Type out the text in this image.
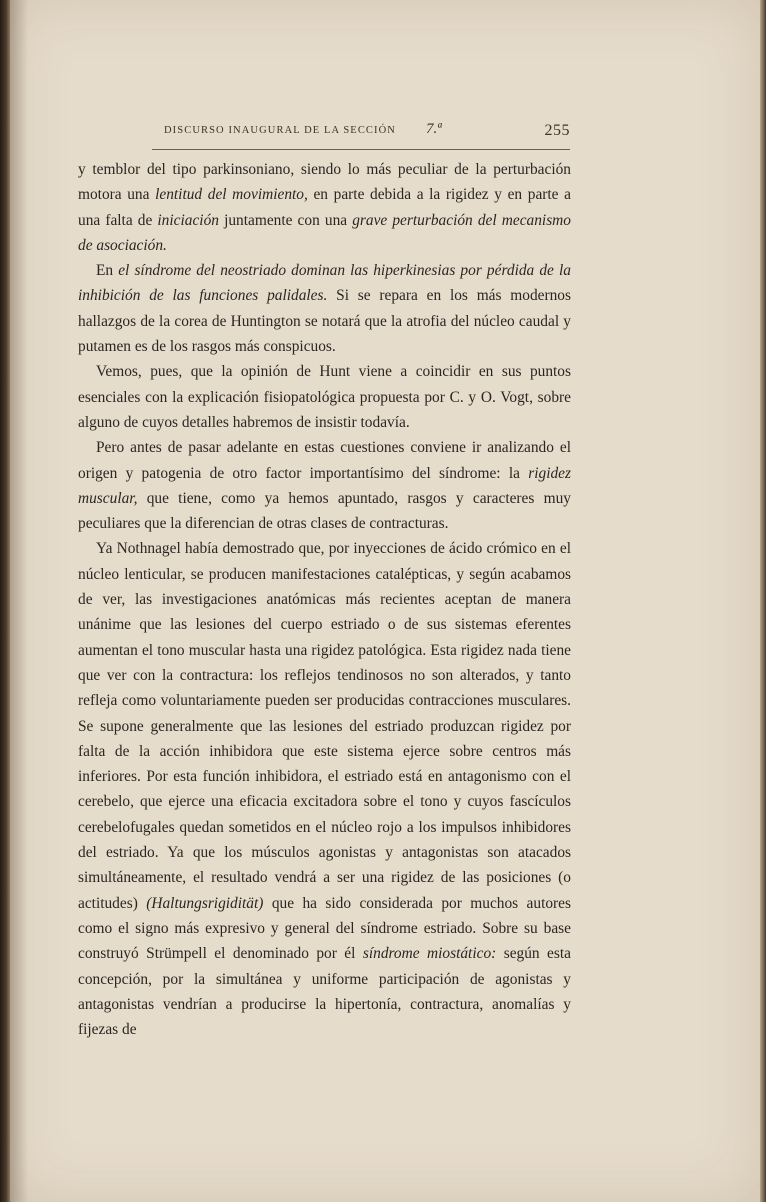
DISCURSO INAUGURAL DE LA SECCIÓN 7.ª	255

y temblor del tipo parkinsoniano, siendo lo más peculiar de la perturbación motora una lentitud del movimiento, en parte debida a la rigidez y en parte a una falta de iniciación juntamente con una grave perturbación del mecanismo de asociación.

En el síndrome del neostriado dominan las hiperkinesias por pérdida de la inhibición de las funciones palidales. Si se repara en los más modernos hallazgos de la corea de Huntington se notará que la atrofia del núcleo caudal y putamen es de los rasgos más conspicuos.

Vemos, pues, que la opinión de Hunt viene a coincidir en sus puntos esenciales con la explicación fisiopatológica propuesta por C. y O. Vogt, sobre alguno de cuyos detalles habremos de insistir todavía.

Pero antes de pasar adelante en estas cuestiones conviene ir analizando el origen y patogenia de otro factor importantísimo del síndrome: la rigidez muscular, que tiene, como ya hemos apuntado, rasgos y caracteres muy peculiares que la diferencian de otras clases de contracturas.

Ya Nothnagel había demostrado que, por inyecciones de ácido crómico en el núcleo lenticular, se producen manifestaciones catalépticas, y según acabamos de ver, las investigaciones anatómicas más recientes aceptan de manera unánime que las lesiones del cuerpo estriado o de sus sistemas eferentes aumentan el tono muscular hasta una rigidez patológica. Esta rigidez nada tiene que ver con la contractura: los reflejos tendinosos no son alterados, y tanto refleja como voluntariamente pueden ser producidas contracciones musculares. Se supone generalmente que las lesiones del estriado produzcan rigidez por falta de la acción inhibidora que este sistema ejerce sobre centros más inferiores. Por esta función inhibidora, el estriado está en antagonismo con el cerebelo, que ejerce una eficacia excitadora sobre el tono y cuyos fascículos cerebelofugales quedan sometidos en el núcleo rojo a los impulsos inhibidores del estriado. Ya que los músculos agonistas y antagonistas son atacados simultáneamente, el resultado vendrá a ser una rigidez de las posiciones (o actitudes) (Haltungsrigidität) que ha sido considerada por muchos autores como el signo más expresivo y general del síndrome estriado. Sobre su base construyó Strümpell el denominado por él síndrome miostático: según esta concepción, por la simultánea y uniforme participación de agonistas y antagonistas vendrían a producirse la hipertonía, contractura, anomalías y fijezas de
